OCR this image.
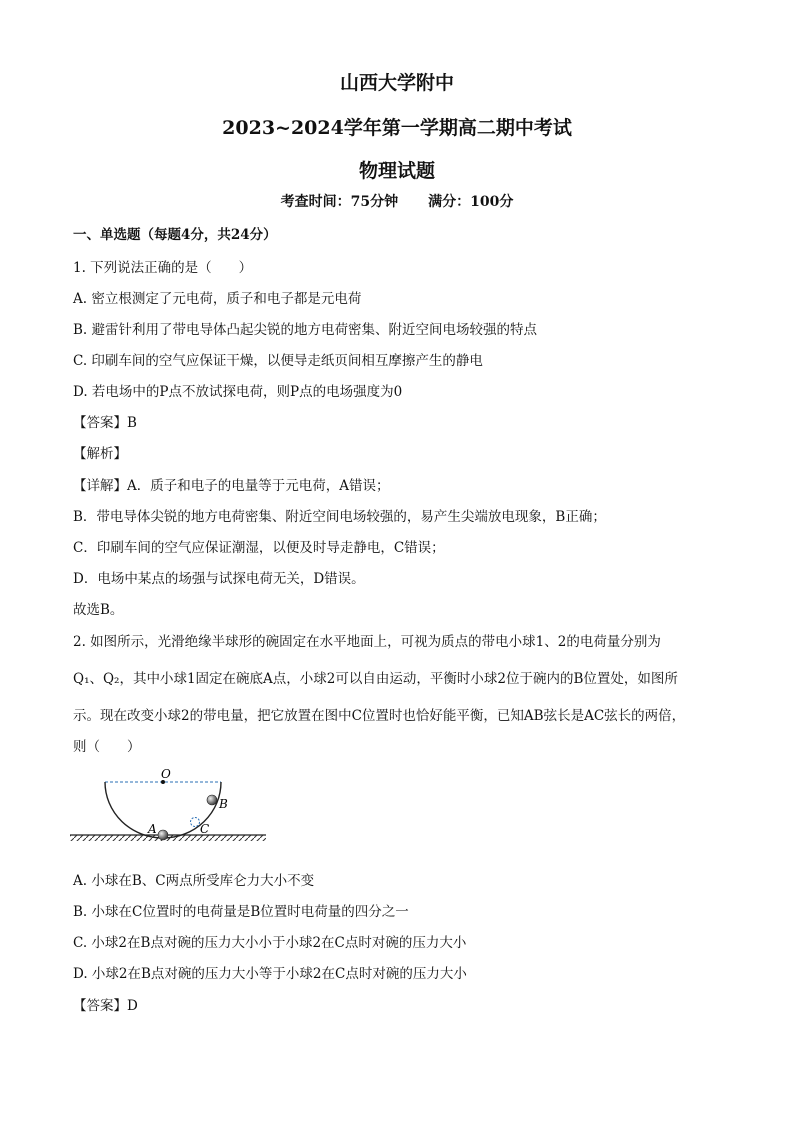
山西大学附中
2023~2024学年第一学期高二期中考试
物理试题
考查时间：75分钟 满分：100分
一、单选题（每题4分，共24分）
1. 下列说法正确的是（　　）
A. 密立根测定了元电荷，质子和电子都是元电荷
B. 避雷针利用了带电导体凸起尖锐的地方电荷密集、附近空间电场较强的特点
C. 印刷车间的空气应保证干燥，以便导走纸页间相互摩擦产生的静电
D. 若电场中的P点不放试探电荷，则P点的电场强度为0
【答案】B
【解析】
【详解】A．质子和电子的电量等于元电荷，A错误；
B．带电导体尖锐的地方电荷密集、附近空间电场较强的，易产生尖端放电现象，B正确；
C．印刷车间的空气应保证潮湿，以便及时导走静电，C错误；
D．电场中某点的场强与试探电荷无关，D错误。
故选B。
2. 如图所示，光滑绝缘半球形的碗固定在水平地面上，可视为质点的带电小球1、2的电荷量分别为
Q₁、Q₂，其中小球1固定在碗底A点，小球2可以自由运动，平衡时小球2位于碗内的B位置处，如图所
示。现在改变小球2的带电量，把它放置在图中C位置时也恰好能平衡，已知AB弦长是AC弦长的两倍，
则（　　）
O
A
B
C
A. 小球在B、C两点所受库仑力大小不变
B. 小球在C位置时的电荷量是B位置时电荷量的四分之一
C. 小球2在B点对碗的压力大小小于小球2在C点时对碗的压力大小
D. 小球2在B点对碗的压力大小等于小球2在C点时对碗的压力大小
【答案】D
